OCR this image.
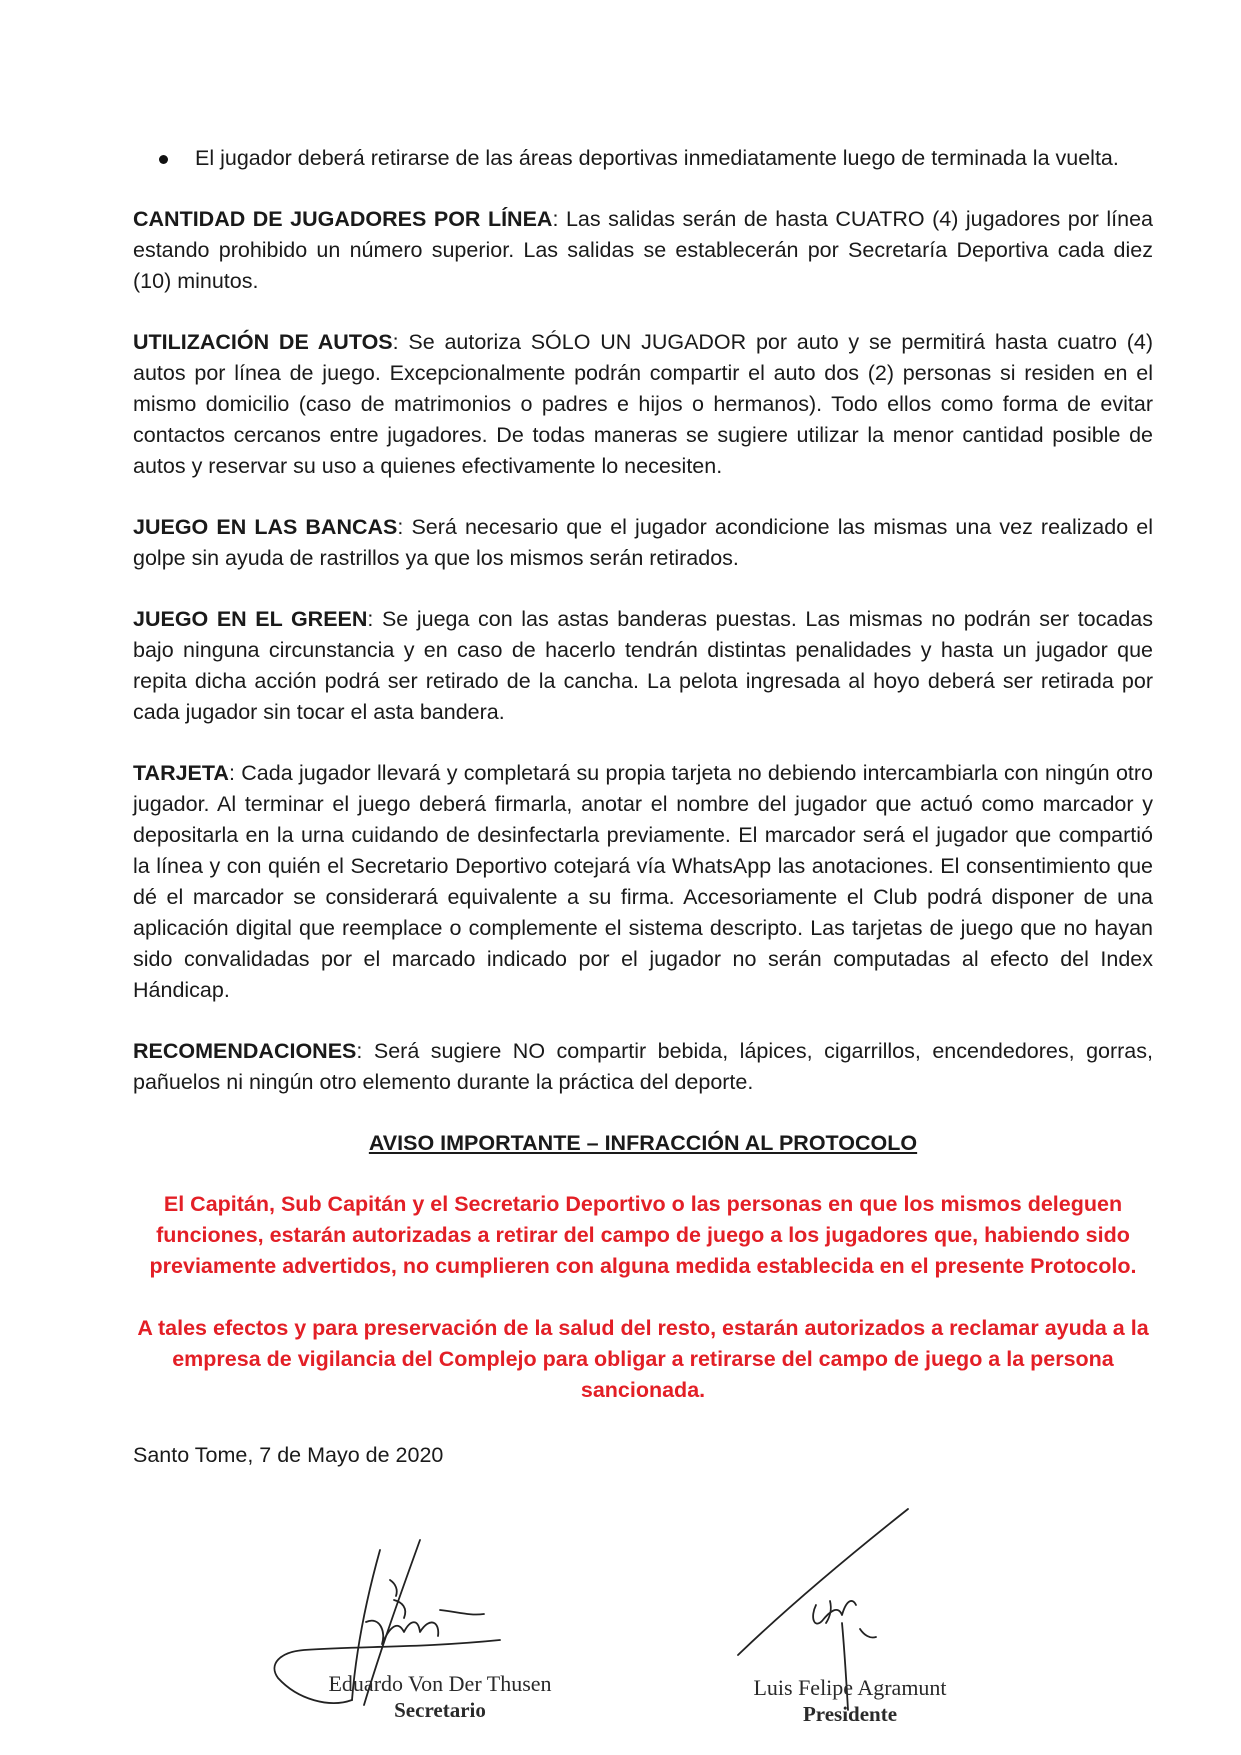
El jugador deberá retirarse de las áreas deportivas inmediatamente luego de terminada la vuelta.

CANTIDAD DE JUGADORES POR LÍNEA: Las salidas serán de hasta CUATRO (4) jugadores por línea estando prohibido un número superior. Las salidas se establecerán por Secretaría Deportiva cada diez (10) minutos.

UTILIZACIÓN DE AUTOS: Se autoriza SÓLO UN JUGADOR por auto y se permitirá hasta cuatro (4) autos por línea de juego. Excepcionalmente podrán compartir el auto dos (2) personas si residen en el mismo domicilio (caso de matrimonios o padres e hijos o hermanos). Todo ellos como forma de evitar contactos cercanos entre jugadores. De todas maneras se sugiere utilizar la menor cantidad posible de autos y reservar su uso a quienes efectivamente lo necesiten.

JUEGO EN LAS BANCAS: Será necesario que el jugador acondicione las mismas una vez realizado el golpe sin ayuda de rastrillos ya que los mismos serán retirados.

JUEGO EN EL GREEN: Se juega con las astas banderas puestas. Las mismas no podrán ser tocadas bajo ninguna circunstancia y en caso de hacerlo tendrán distintas penalidades y hasta un jugador que repita dicha acción podrá ser retirado de la cancha. La pelota ingresada al hoyo deberá ser retirada por cada jugador sin tocar el asta bandera.

TARJETA: Cada jugador llevará y completará su propia tarjeta no debiendo intercambiarla con ningún otro jugador. Al terminar el juego deberá firmarla, anotar el nombre del jugador que actuó como marcador y depositarla en la urna cuidando de desinfectarla previamente. El marcador será el jugador que compartió la línea y con quién el Secretario Deportivo cotejará vía WhatsApp las anotaciones. El consentimiento que dé el marcador se considerará equivalente a su firma. Accesoriamente el Club podrá disponer de una aplicación digital que reemplace o complemente el sistema descripto. Las tarjetas de juego que no hayan sido convalidadas por el marcado indicado por el jugador no serán computadas al efecto del Index Hándicap.

RECOMENDACIONES: Será sugiere NO compartir bebida, lápices, cigarrillos, encendedores, gorras, pañuelos ni ningún otro elemento durante la práctica del deporte.

AVISO IMPORTANTE – INFRACCIÓN AL PROTOCOLO

El Capitán, Sub Capitán y el Secretario Deportivo o las personas en que los mismos deleguen funciones, estarán autorizadas a retirar del campo de juego a los jugadores que, habiendo sido previamente advertidos, no cumplieren con alguna medida establecida en el presente Protocolo.

A tales efectos y para preservación de la salud del resto, estarán autorizados a reclamar ayuda a la empresa de vigilancia del Complejo para obligar a retirarse del campo de juego a la persona sancionada.

Santo Tome, 7 de Mayo de 2020

Eduardo Von Der Thusen
Secretario
Luis Felipe Agramunt
Presidente
